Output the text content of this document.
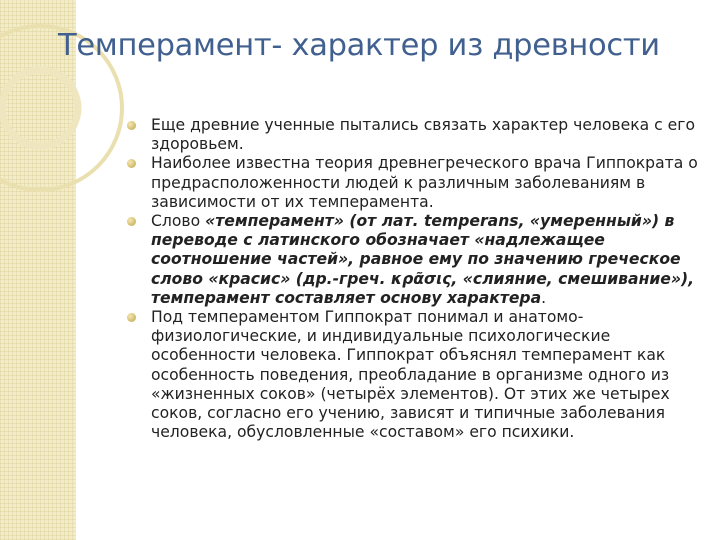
Темперамент- характер из древности
Еще древние ученные пытались связать характер человека с его здоровьем.
Наиболее известна теория древнегреческого врача Гиппократа о предрасположенности людей к различным заболеваниям в зависимости от их темперамента.
Слово «темперамент» (от лат. temperans, «умеренный») в переводе с латинского обозначает «надлежащее соотношение частей», равное ему по значению греческое слово «красис» (др.-греч. κρᾶσις, «слияние, смешивание»), темперамент составляет основу характера.
Под темпераментом Гиппократ понимал и анатомо-физиологические, и индивидуальные психологические особенности человека. Гиппократ объяснял темперамент как особенность поведения, преобладание в организме одного из «жизненных соков» (четырёх элементов). От этих же четырех соков, согласно его учению, зависят и типичные заболевания человека, обусловленные «составом» его психики.
